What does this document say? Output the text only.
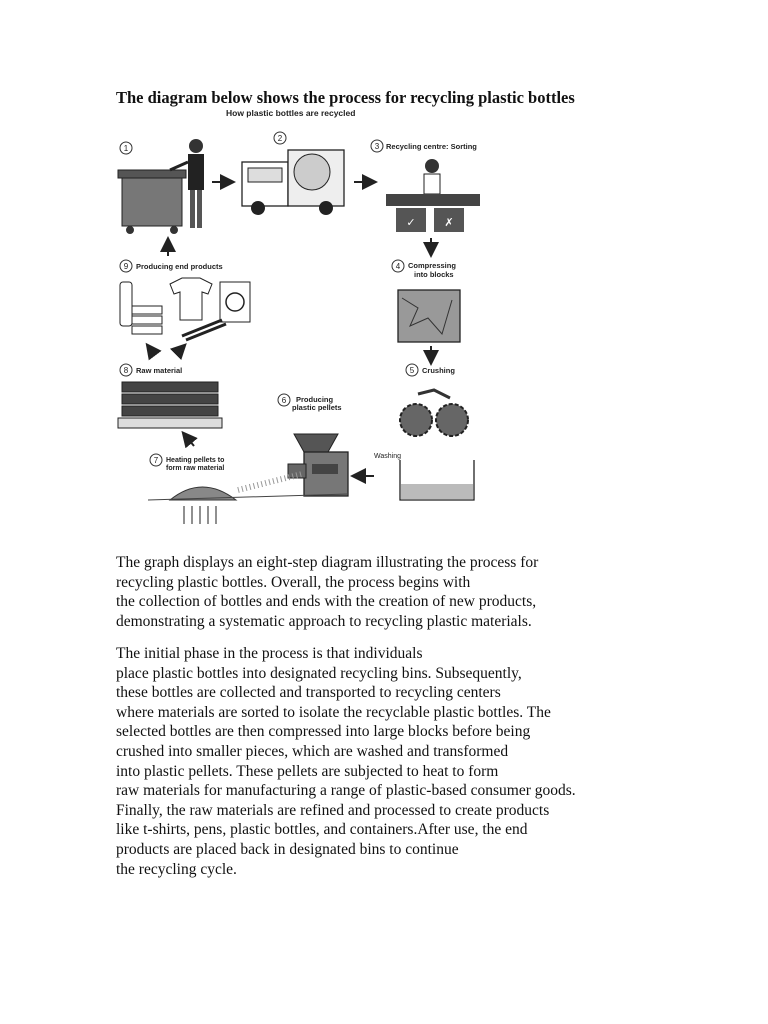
The diagram below shows the process for recycling plastic bottles
How plastic bottles are recycled
1
2
3 Recycling centre: Sorting
✓	✗
4 Compressing
into blocks
5 Crushing
Washing
6 Producing
plastic pellets
7 Heating pellets to
form raw material
8 Raw material
9 Producing end products
The graph displays an eight-step diagram illustrating the process for
recycling plastic bottles. Overall, the process begins with
the collection of bottles and ends with the creation of new products,
demonstrating a systematic approach to recycling plastic materials.
The initial phase in the process is that individuals
place plastic bottles into designated recycling bins. Subsequently,
these bottles are collected and transported to recycling centers
where materials are sorted to isolate the recyclable plastic bottles. The
selected bottles are then compressed into large blocks before being
crushed into smaller pieces, which are washed and transformed
into plastic pellets. These pellets are subjected to heat to form
raw materials for manufacturing a range of plastic-based consumer goods.
Finally, the raw materials are refined and processed to create products
like t-shirts, pens, plastic bottles, and containers.After use, the end
products are placed back in designated bins to continue
the recycling cycle.
